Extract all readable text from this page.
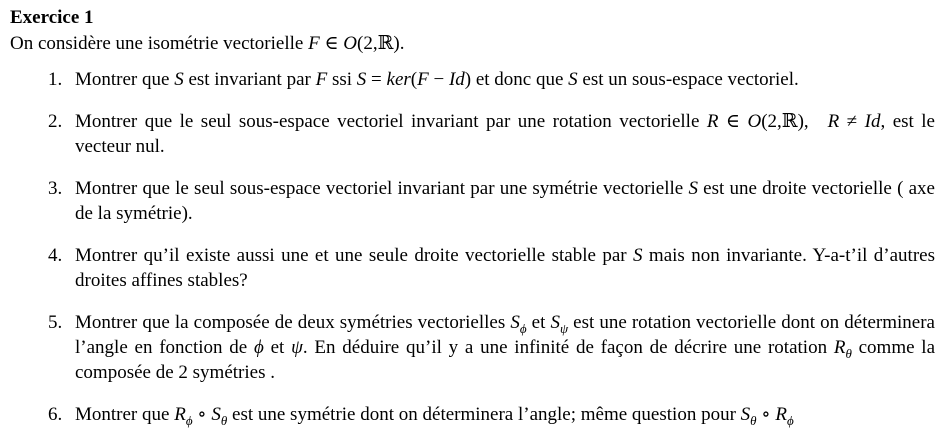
Exercice 1

On considère une isométrie vectorielle F ∈ O(2,ℝ).

1. Montrer que S est invariant par F ssi S = ker(F − Id) et donc que S est un sous-espace vectoriel.
2. Montrer que le seul sous-espace vectoriel invariant par une rotation vectorielle R ∈ O(2,ℝ), R ≠ Id, est le vecteur nul.
3. Montrer que le seul sous-espace vectoriel invariant par une symétrie vectorielle S est une droite vectorielle ( axe de la symétrie).
4. Montrer qu’il existe aussi une et une seule droite vectorielle stable par S mais non invariante. Y-a-t’il d’autres droites affines stables?
5. Montrer que la composée de deux symétries vectorielles $S_\phi$ et $S_\psi$ est une rotation vectorielle dont on déterminera l’angle en fonction de ϕ et ψ. En déduire qu’il y a une infinité de façon de décrire une rotation $R_\theta$ comme la composée de 2 symétries .
6. Montrer que $R_\phi$ ∘ $S_\theta$ est une symétrie dont on déterminera l’angle; même question pour $S_\theta$ ∘ $R_\phi$
